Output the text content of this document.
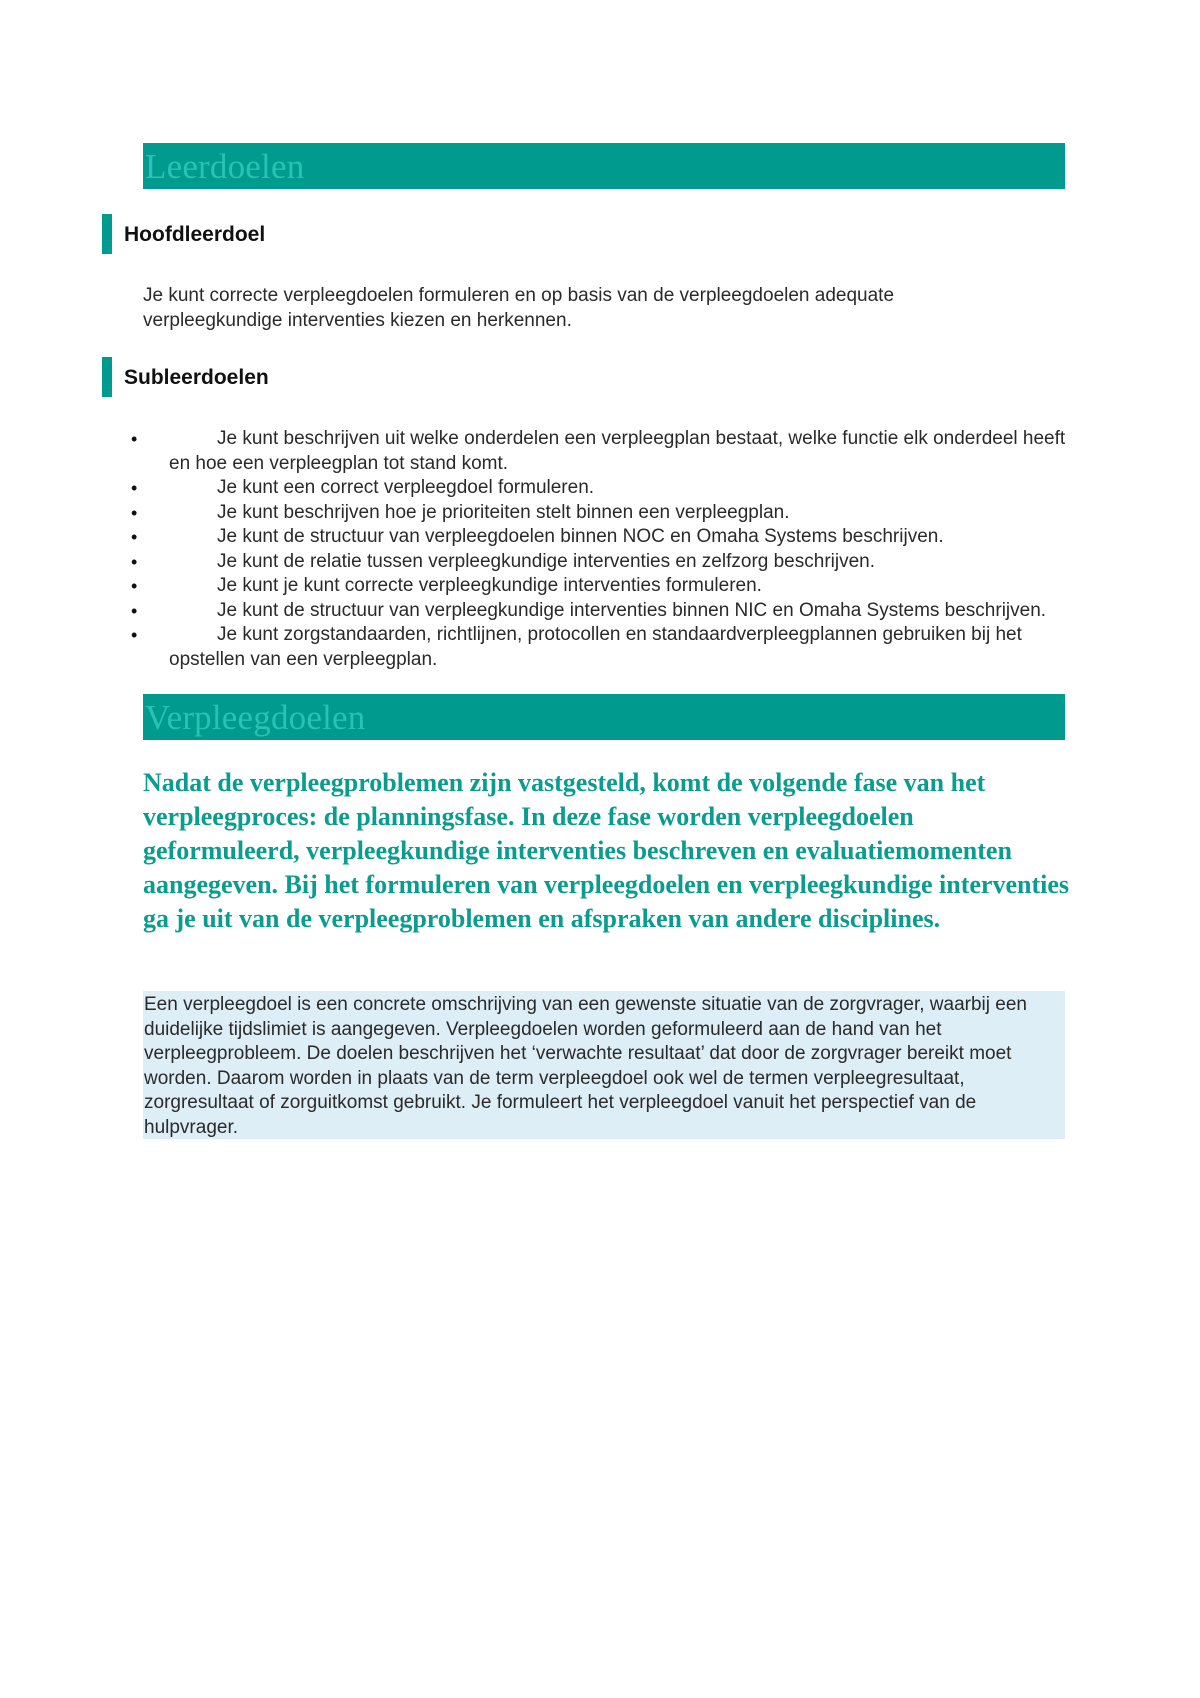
Leerdoelen
Hoofdleerdoel

Je kunt correcte verpleegdoelen formuleren en op basis van de verpleegdoelen adequate verpleegkundige interventies kiezen en herkennen.

Subleerdoelen
•	Je kunt beschrijven uit welke onderdelen een verpleegplan bestaat, welke functie elk onderdeel heeft en hoe een verpleegplan tot stand komt.
•	Je kunt een correct verpleegdoel formuleren.
•	Je kunt beschrijven hoe je prioriteiten stelt binnen een verpleegplan.
•	Je kunt de structuur van verpleegdoelen binnen NOC en Omaha Systems beschrijven.
•	Je kunt de relatie tussen verpleegkundige interventies en zelfzorg beschrijven.
•	Je kunt je kunt correcte verpleegkundige interventies formuleren.
•	Je kunt de structuur van verpleegkundige interventies binnen NIC en Omaha Systems beschrijven.
•	Je kunt zorgstandaarden, richtlijnen, protocollen en standaardverpleegplannen gebruiken bij het opstellen van een verpleegplan.
Verpleegdoelen

Nadat de verpleegproblemen zijn vastgesteld, komt de volgende fase van het verpleegproces: de planningsfase. In deze fase worden verpleegdoelen geformuleerd, verpleegkundige interventies beschreven en evaluatiemomenten aangegeven. Bij het formuleren van verpleegdoelen en verpleegkundige interventies ga je uit van de verpleegproblemen en afspraken van andere disciplines.

Een verpleegdoel is een concrete omschrijving van een gewenste situatie van de zorgvrager, waarbij een duidelijke tijdslimiet is aangegeven. Verpleegdoelen worden geformuleerd aan de hand van het verpleegprobleem. De doelen beschrijven het ‘verwachte resultaat’ dat door de zorgvrager bereikt moet worden. Daarom worden in plaats van de term verpleegdoel ook wel de termen verpleegresultaat, zorgresultaat of zorguitkomst gebruikt. Je formuleert het verpleegdoel vanuit het perspectief van de hulpvrager.
